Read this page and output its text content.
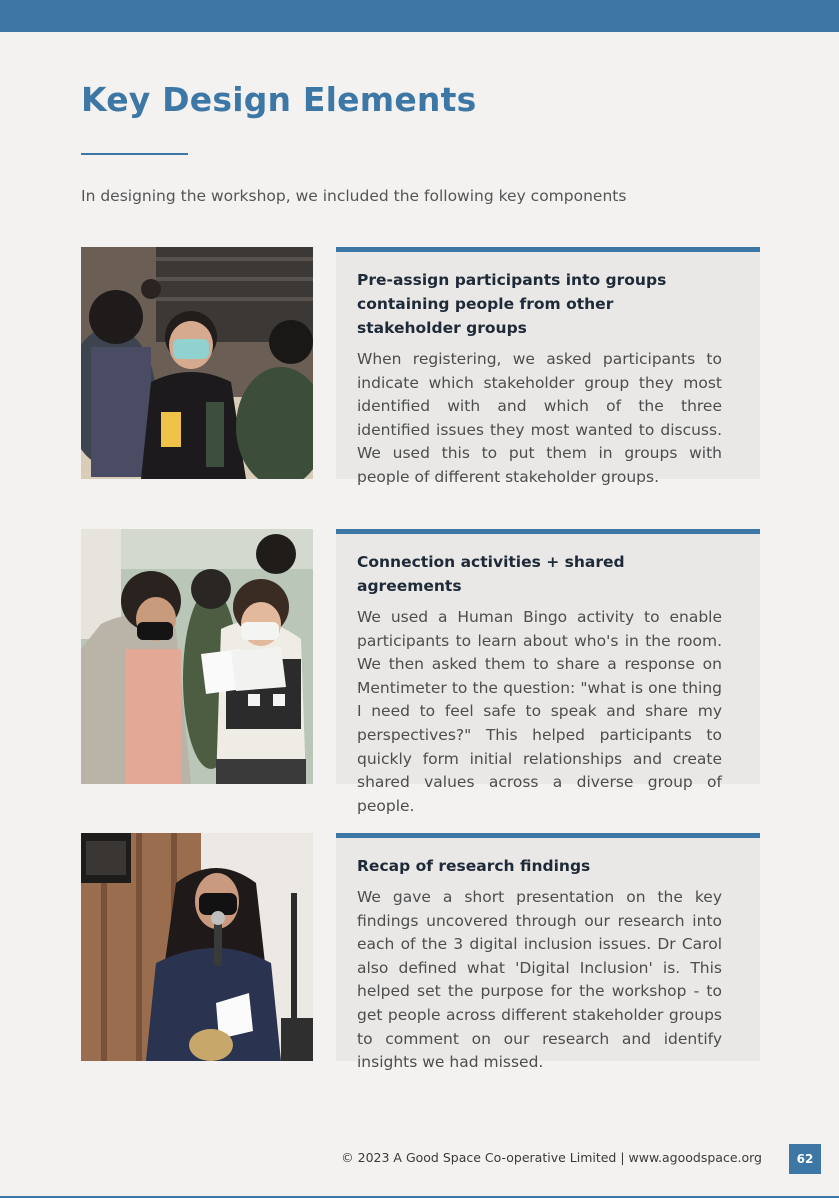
Key Design Elements

In designing the workshop, we included the following key components

Pre-assign participants into groups containing people from other stakeholder groups

When registering, we asked participants to indicate which stakeholder group they most identified with and which of the three identified issues they most wanted to discuss. We used this to put them in groups with people of different stakeholder groups.

Connection activities + shared agreements

We used a Human Bingo activity to enable participants to learn about who's in the room. We then asked them to share a response on Mentimeter to the question: "what is one thing I need to feel safe to speak and share my perspectives?" This helped participants to quickly form initial relationships and create shared values across a diverse group of people.

Recap of research findings

We gave a short presentation on the key findings uncovered through our research into each of the 3 digital inclusion issues. Dr Carol also defined what 'Digital Inclusion' is. This helped set the purpose for the workshop - to get people across different stakeholder groups to comment on our research and identify insights we had missed.

© 2023 A Good Space Co-operative Limited | www.agoodspace.org	62
